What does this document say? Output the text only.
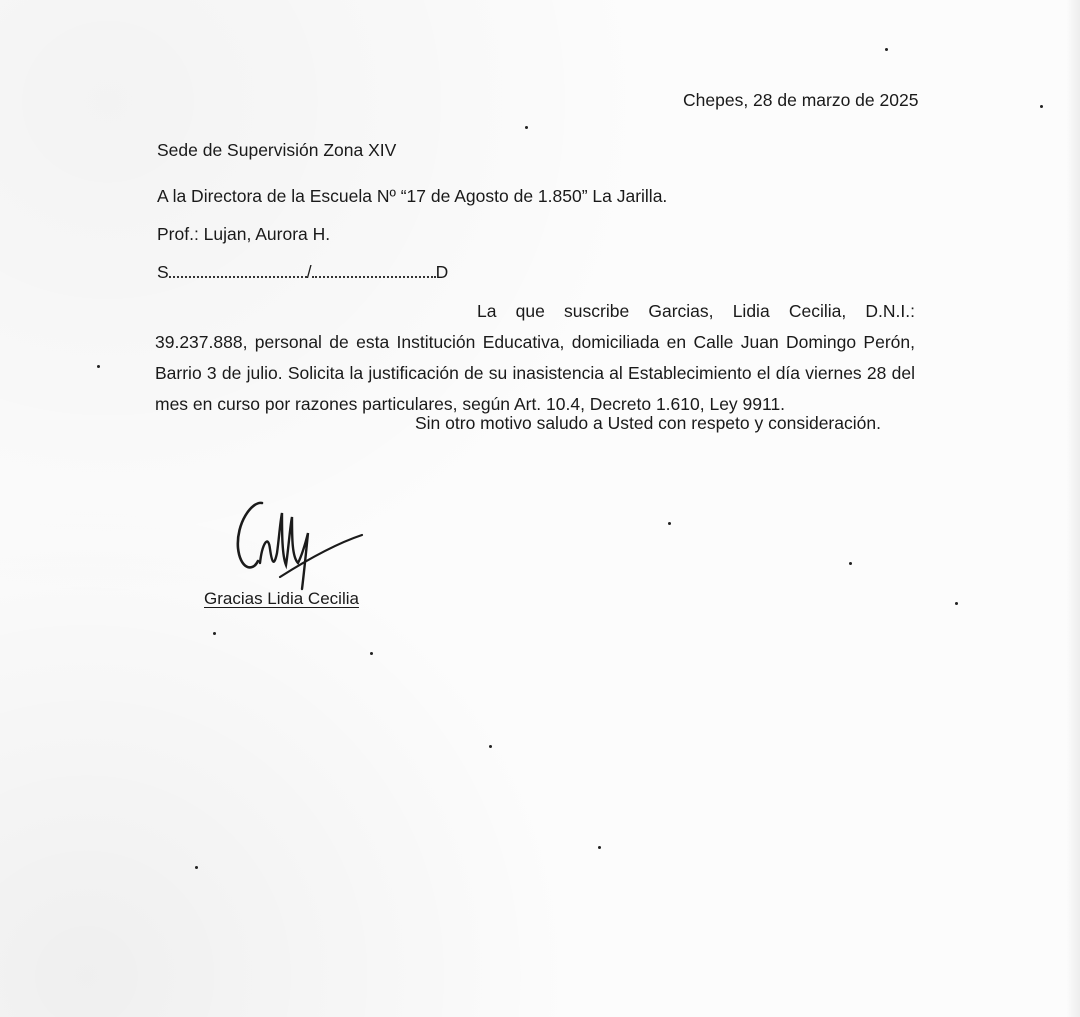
Chepes, 28 de marzo de 2025
Sede de Supervisión Zona XIV
A la Directora de la Escuela Nº “17 de Agosto de 1.850” La Jarilla.
Prof.: Lujan, Aurora H.
S	/	D
La que suscribe Garcias, Lidia Cecilia, D.N.I.: 39.237.888, personal de esta Institución Educativa, domiciliada en Calle Juan Domingo Perón, Barrio 3 de julio. Solicita la justificación de su inasistencia al Establecimiento el día viernes 28 del mes en curso por razones particulares, según Art. 10.4, Decreto 1.610, Ley 9911.
Sin otro motivo saludo a Usted con respeto y consideración.
Gracias Lidia Cecilia
